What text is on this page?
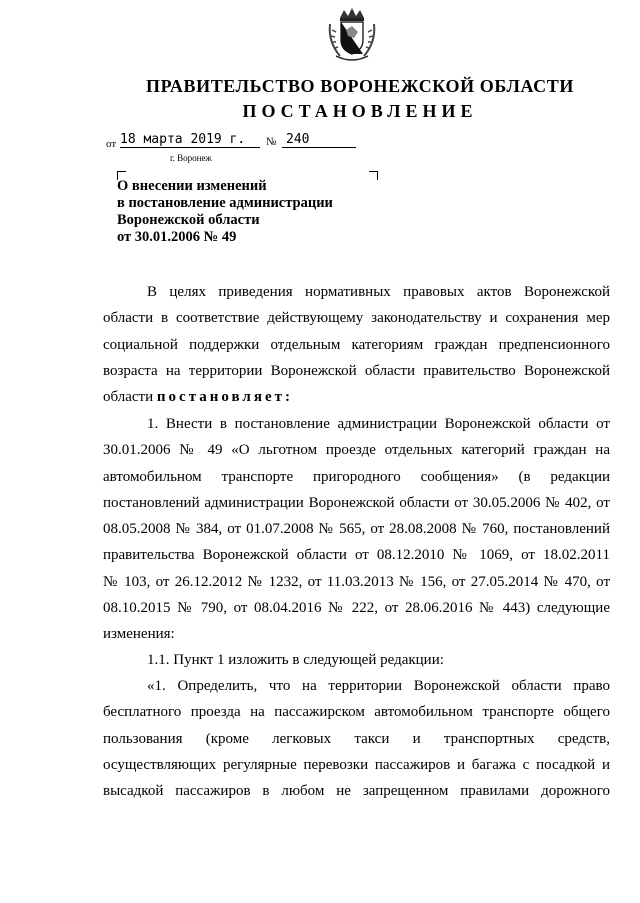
ПРАВИТЕЛЬСТВО ВОРОНЕЖСКОЙ ОБЛАСТИ
ПОСТАНОВЛЕНИЕ
от 18 марта 2019 г.	№ 240
г. Воронеж
О внесении изменений
в постановление администрации
Воронежской области
от 30.01.2006 № 49
В целях приведения нормативных правовых актов Воронежской
области в соответствие действующему законодательству и сохранения мер
социальной поддержки отдельным категориям граждан предпенсионного
возраста на территории Воронежской области правительство Воронежской
области постановляет:
1. Внести в постановление администрации Воронежской области от
30.01.2006 № 49 «О льготном проезде отдельных категорий граждан на
автомобильном транспорте пригородного сообщения» (в редакции
постановлений администрации Воронежской области от 30.05.2006 № 402, от
08.05.2008 № 384, от 01.07.2008 № 565, от 28.08.2008 № 760, постановлений
правительства Воронежской области от 08.12.2010 № 1069, от 18.02.2011
№ 103, от 26.12.2012 № 1232, от 11.03.2013 № 156, от 27.05.2014 № 470, от
08.10.2015 № 790, от 08.04.2016 № 222, от 28.06.2016 № 443) следующие
изменения:
1.1. Пункт 1 изложить в следующей редакции:
«1. Определить, что на территории Воронежской области право
бесплатного проезда на пассажирском автомобильном транспорте общего
пользования (кроме легковых такси и транспортных средств,
осуществляющих регулярные перевозки пассажиров и багажа с посадкой и
высадкой пассажиров в любом не запрещенном правилами дорожного
